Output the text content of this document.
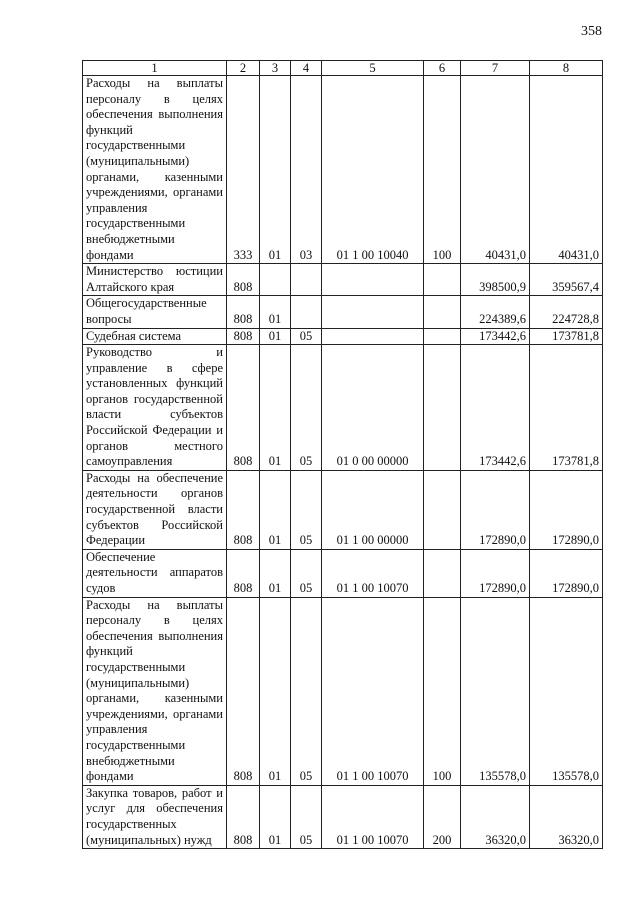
358
1	2	3	4	5	6	7	8
Расходы на выплаты персоналу в целях обеспечения выполнения функций государственными (муниципальными) органами, казенными учреждениями, органами управления государственными внебюджетными фондами	333	01	03	01 1 00 10040	100	40431,0	40431,0
Министерство юстиции Алтайского края	808					398500,9	359567,4
Общегосударственные вопросы	808	01				224389,6	224728,8
Судебная система	808	01	05			173442,6	173781,8
Руководство и управление в сфере установленных функций органов государственной власти субъектов Российской Федерации и органов местного самоуправления	808	01	05	01 0 00 00000		173442,6	173781,8
Расходы на обеспечение деятельности органов государственной власти субъектов Российской Федерации	808	01	05	01 1 00 00000		172890,0	172890,0
Обеспечение деятельности аппаратов судов	808	01	05	01 1 00 10070		172890,0	172890,0
Расходы на выплаты персоналу в целях обеспечения выполнения функций государственными (муниципальными) органами, казенными учреждениями, органами управления государственными внебюджетными фондами	808	01	05	01 1 00 10070	100	135578,0	135578,0
Закупка товаров, работ и услуг для обеспечения государственных (муниципальных) нужд	808	01	05	01 1 00 10070	200	36320,0	36320,0
